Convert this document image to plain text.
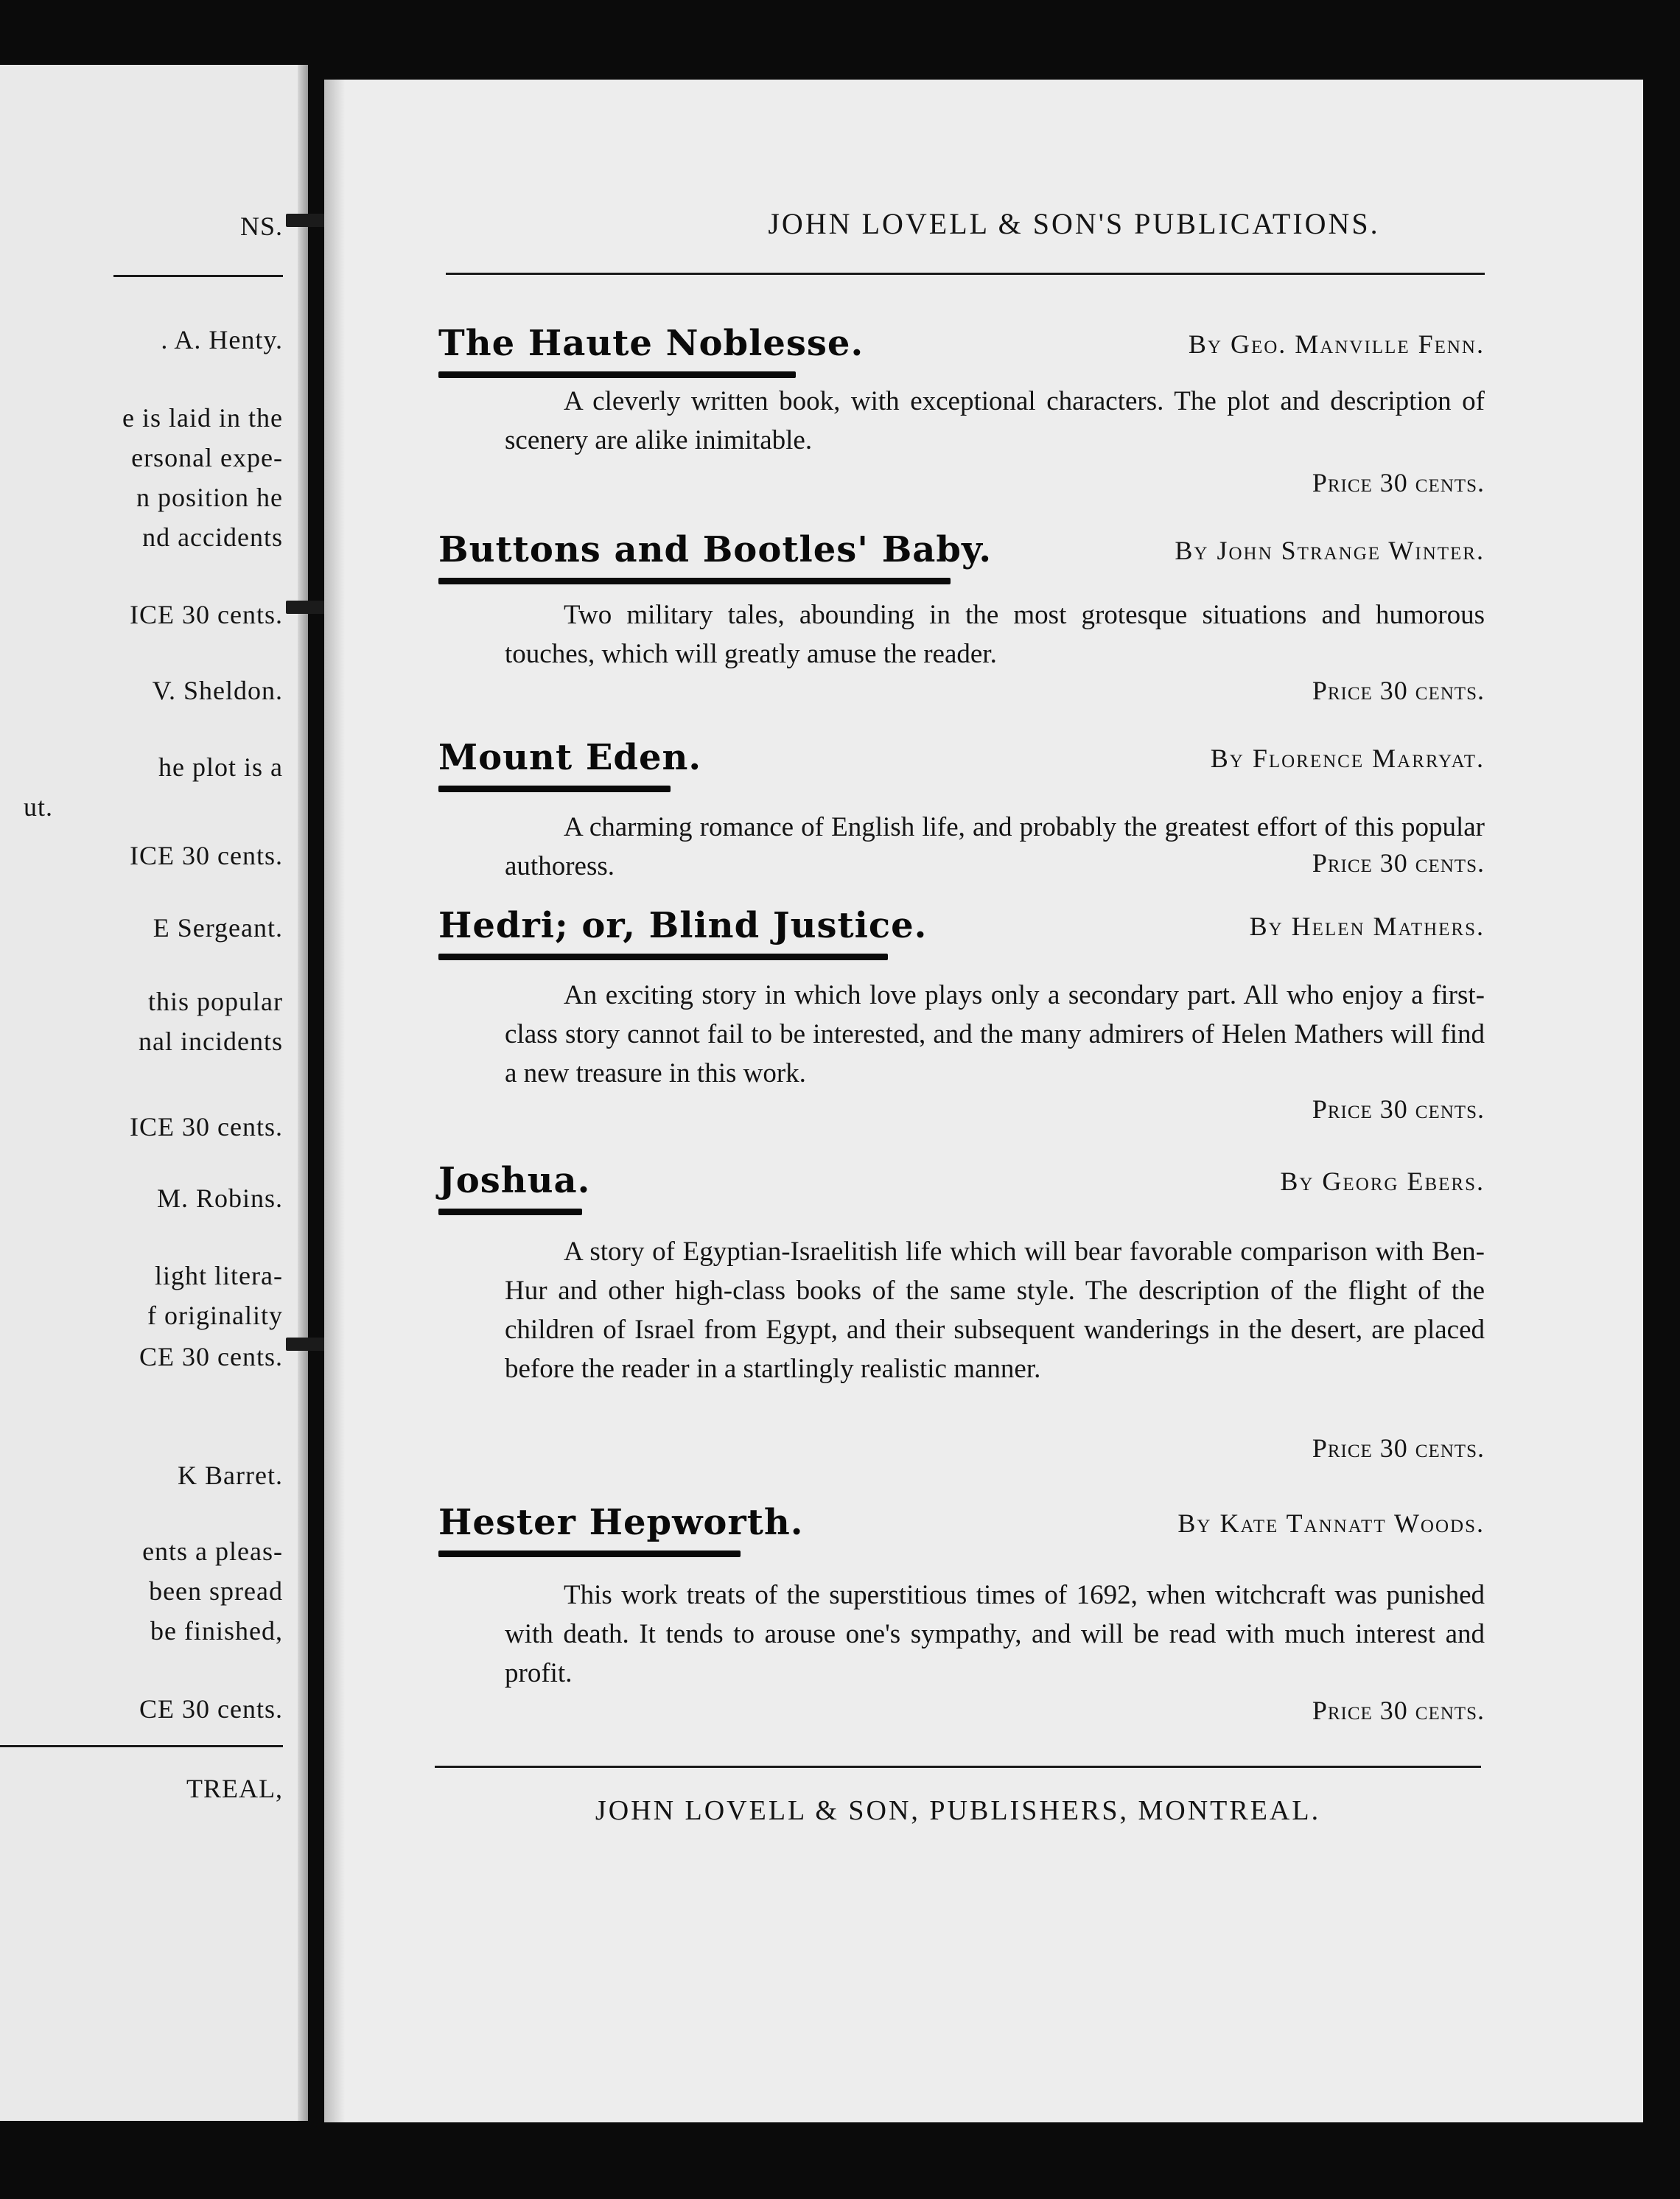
NS.
. A. Henty.
e is laid in the
ersonal expe-
n position he
nd accidents
ICE 30 cents.
V. Sheldon.
he plot is a
ut.
ICE 30 cents.
E Sergeant.
this popular
nal incidents
ICE 30 cents.
M. Robins.
light litera-
f originality
CE 30 cents.
K Barret.
ents a pleas-
been spread
be finished,
CE 30 cents.
TREAL,
JOHN LOVELL & SON'S PUBLICATIONS.
The Haute Noblesse.	By Geo. Manville Fenn.

A cleverly written book, with exceptional characters. The plot and description of scenery are alike inimitable.

Price 30 cents.
Buttons and Bootles' Baby.	By John Strange Winter.

Two military tales, abounding in the most grotesque situations and humorous touches, which will greatly amuse the reader.

Price 30 cents.
Mount Eden.	By Florence Marryat.

A charming romance of English life, and probably the greatest effort of this popular authoress.	Price 30 cents.
Hedri; or, Blind Justice.	By Helen Mathers.

An exciting story in which love plays only a secondary part. All who enjoy a first-class story cannot fail to be interested, and the many admirers of Helen Mathers will find a new treasure in this work.

Price 30 cents.
Joshua.	By Georg Ebers.

A story of Egyptian-Israelitish life which will bear favorable comparison with Ben-Hur and other high-class books of the same style. The description of the flight of the children of Israel from Egypt, and their subsequent wanderings in the desert, are placed before the reader in a startlingly realistic manner.

Price 30 cents.
Hester Hepworth.	By Kate Tannatt Woods.

This work treats of the superstitious times of 1692, when witchcraft was punished with death. It tends to arouse one's sympathy, and will be read with much interest and profit.

Price 30 cents.
JOHN LOVELL & SON, PUBLISHERS, MONTREAL.
